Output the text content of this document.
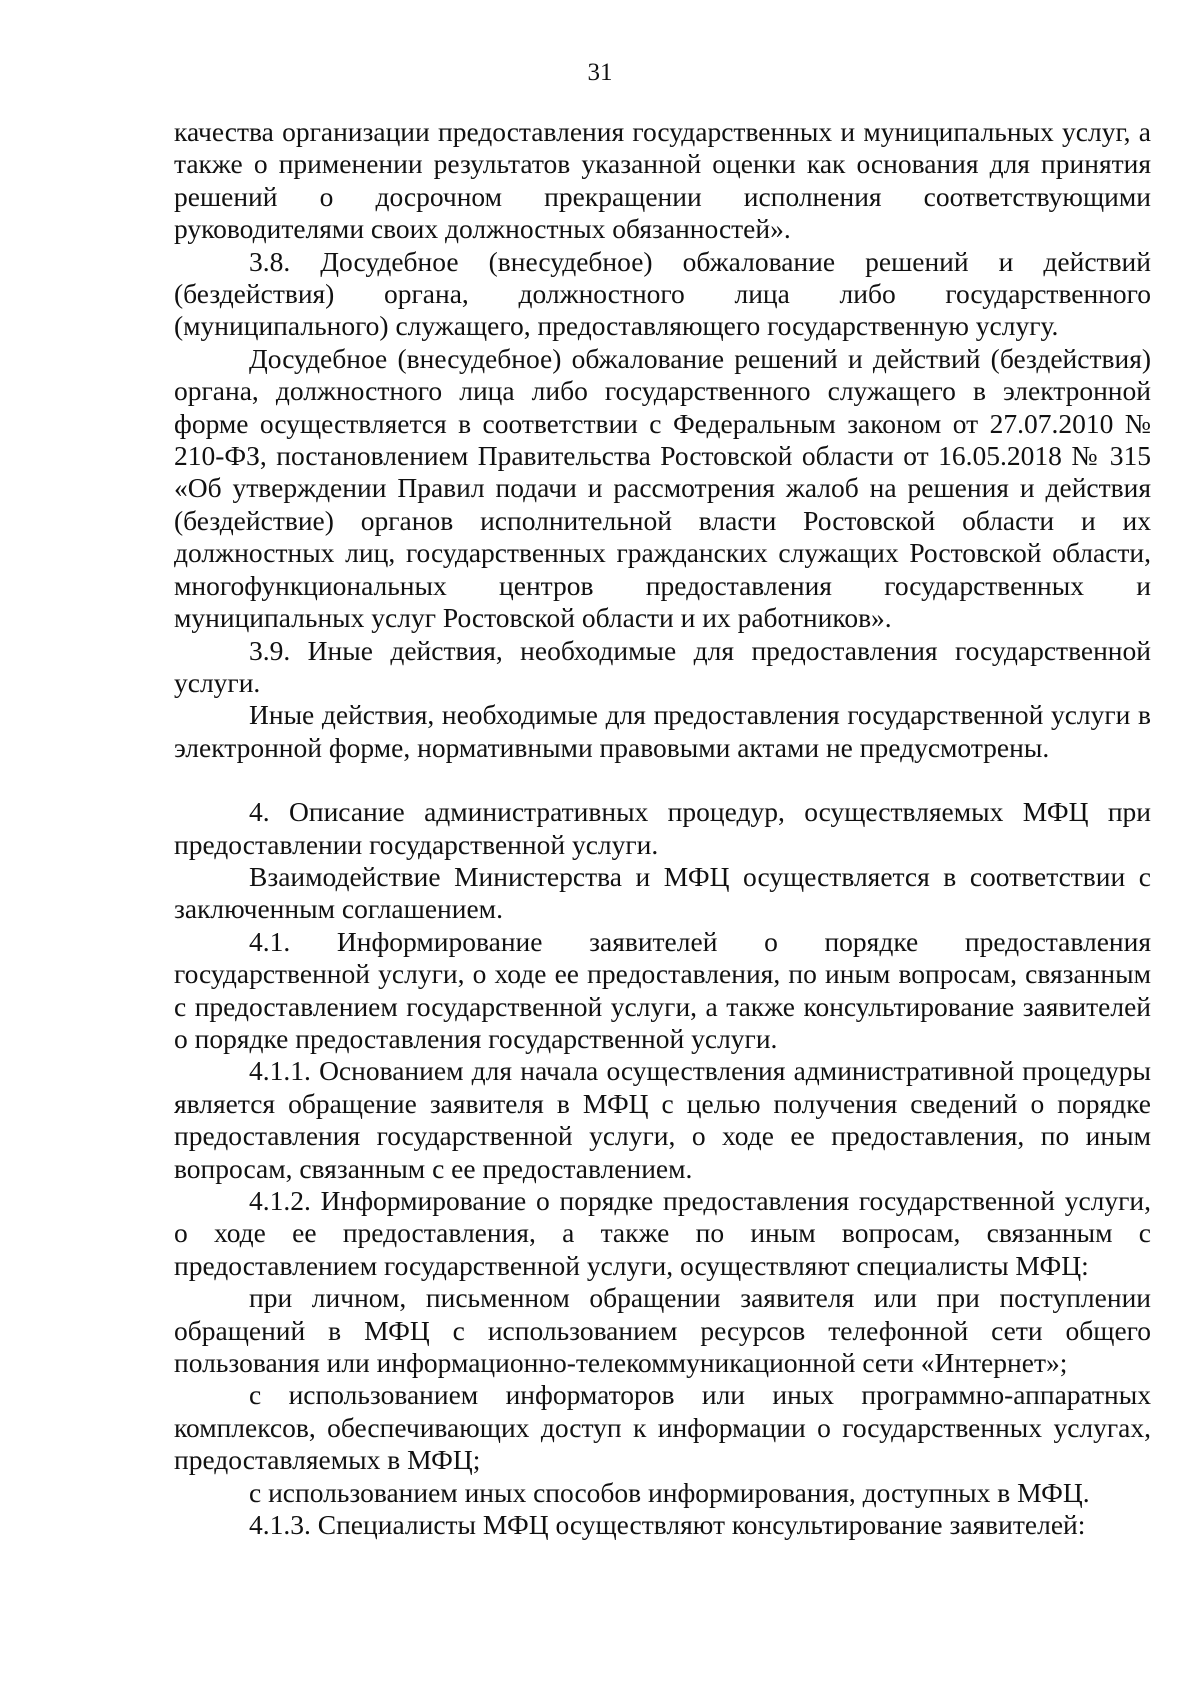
31

качества организации предоставления государственных и муниципальных услуг, а также о применении результатов указанной оценки как основания для принятия решений о досрочном прекращении исполнения соответствующими руководителями своих должностных обязанностей».

3.8. Досудебное (внесудебное) обжалование решений и действий (бездействия) органа, должностного лица либо государственного (муниципального) служащего, предоставляющего государственную услугу.

Досудебное (внесудебное) обжалование решений и действий (бездействия) органа, должностного лица либо государственного служащего в электронной форме осуществляется в соответствии с Федеральным законом от 27.07.2010 № 210-ФЗ, постановлением Правительства Ростовской области от 16.05.2018 № 315 «Об утверждении Правил подачи и рассмотрения жалоб на решения и действия (бездействие) органов исполнительной власти Ростовской области и их должностных лиц, государственных гражданских служащих Ростовской области, многофункциональных центров предоставления государственных и муниципальных услуг Ростовской области и их работников».

3.9. Иные действия, необходимые для предоставления государственной услуги.

Иные действия, необходимые для предоставления государственной услуги в электронной форме, нормативными правовыми актами не предусмотрены.

4. Описание административных процедур, осуществляемых МФЦ при предоставлении государственной услуги.

Взаимодействие Министерства и МФЦ осуществляется в соответствии с заключенным соглашением.

4.1. Информирование заявителей о порядке предоставления государственной услуги, о ходе ее предоставления, по иным вопросам, связанным с предоставлением государственной услуги, а также консультирование заявителей о порядке предоставления государственной услуги.

4.1.1. Основанием для начала осуществления административной процедуры является обращение заявителя в МФЦ с целью получения сведений о порядке предоставления государственной услуги, о ходе ее предоставления, по иным вопросам, связанным с ее предоставлением.

4.1.2. Информирование о порядке предоставления государственной услуги, о ходе ее предоставления, а также по иным вопросам, связанным с предоставлением государственной услуги, осуществляют специалисты МФЦ:

при личном, письменном обращении заявителя или при поступлении обращений в МФЦ с использованием ресурсов телефонной сети общего пользования или информационно-телекоммуникационной сети «Интернет»;

с использованием информаторов или иных программно-аппаратных комплексов, обеспечивающих доступ к информации о государственных услугах, предоставляемых в МФЦ;

с использованием иных способов информирования, доступных в МФЦ.

4.1.3. Специалисты МФЦ осуществляют консультирование заявителей:
